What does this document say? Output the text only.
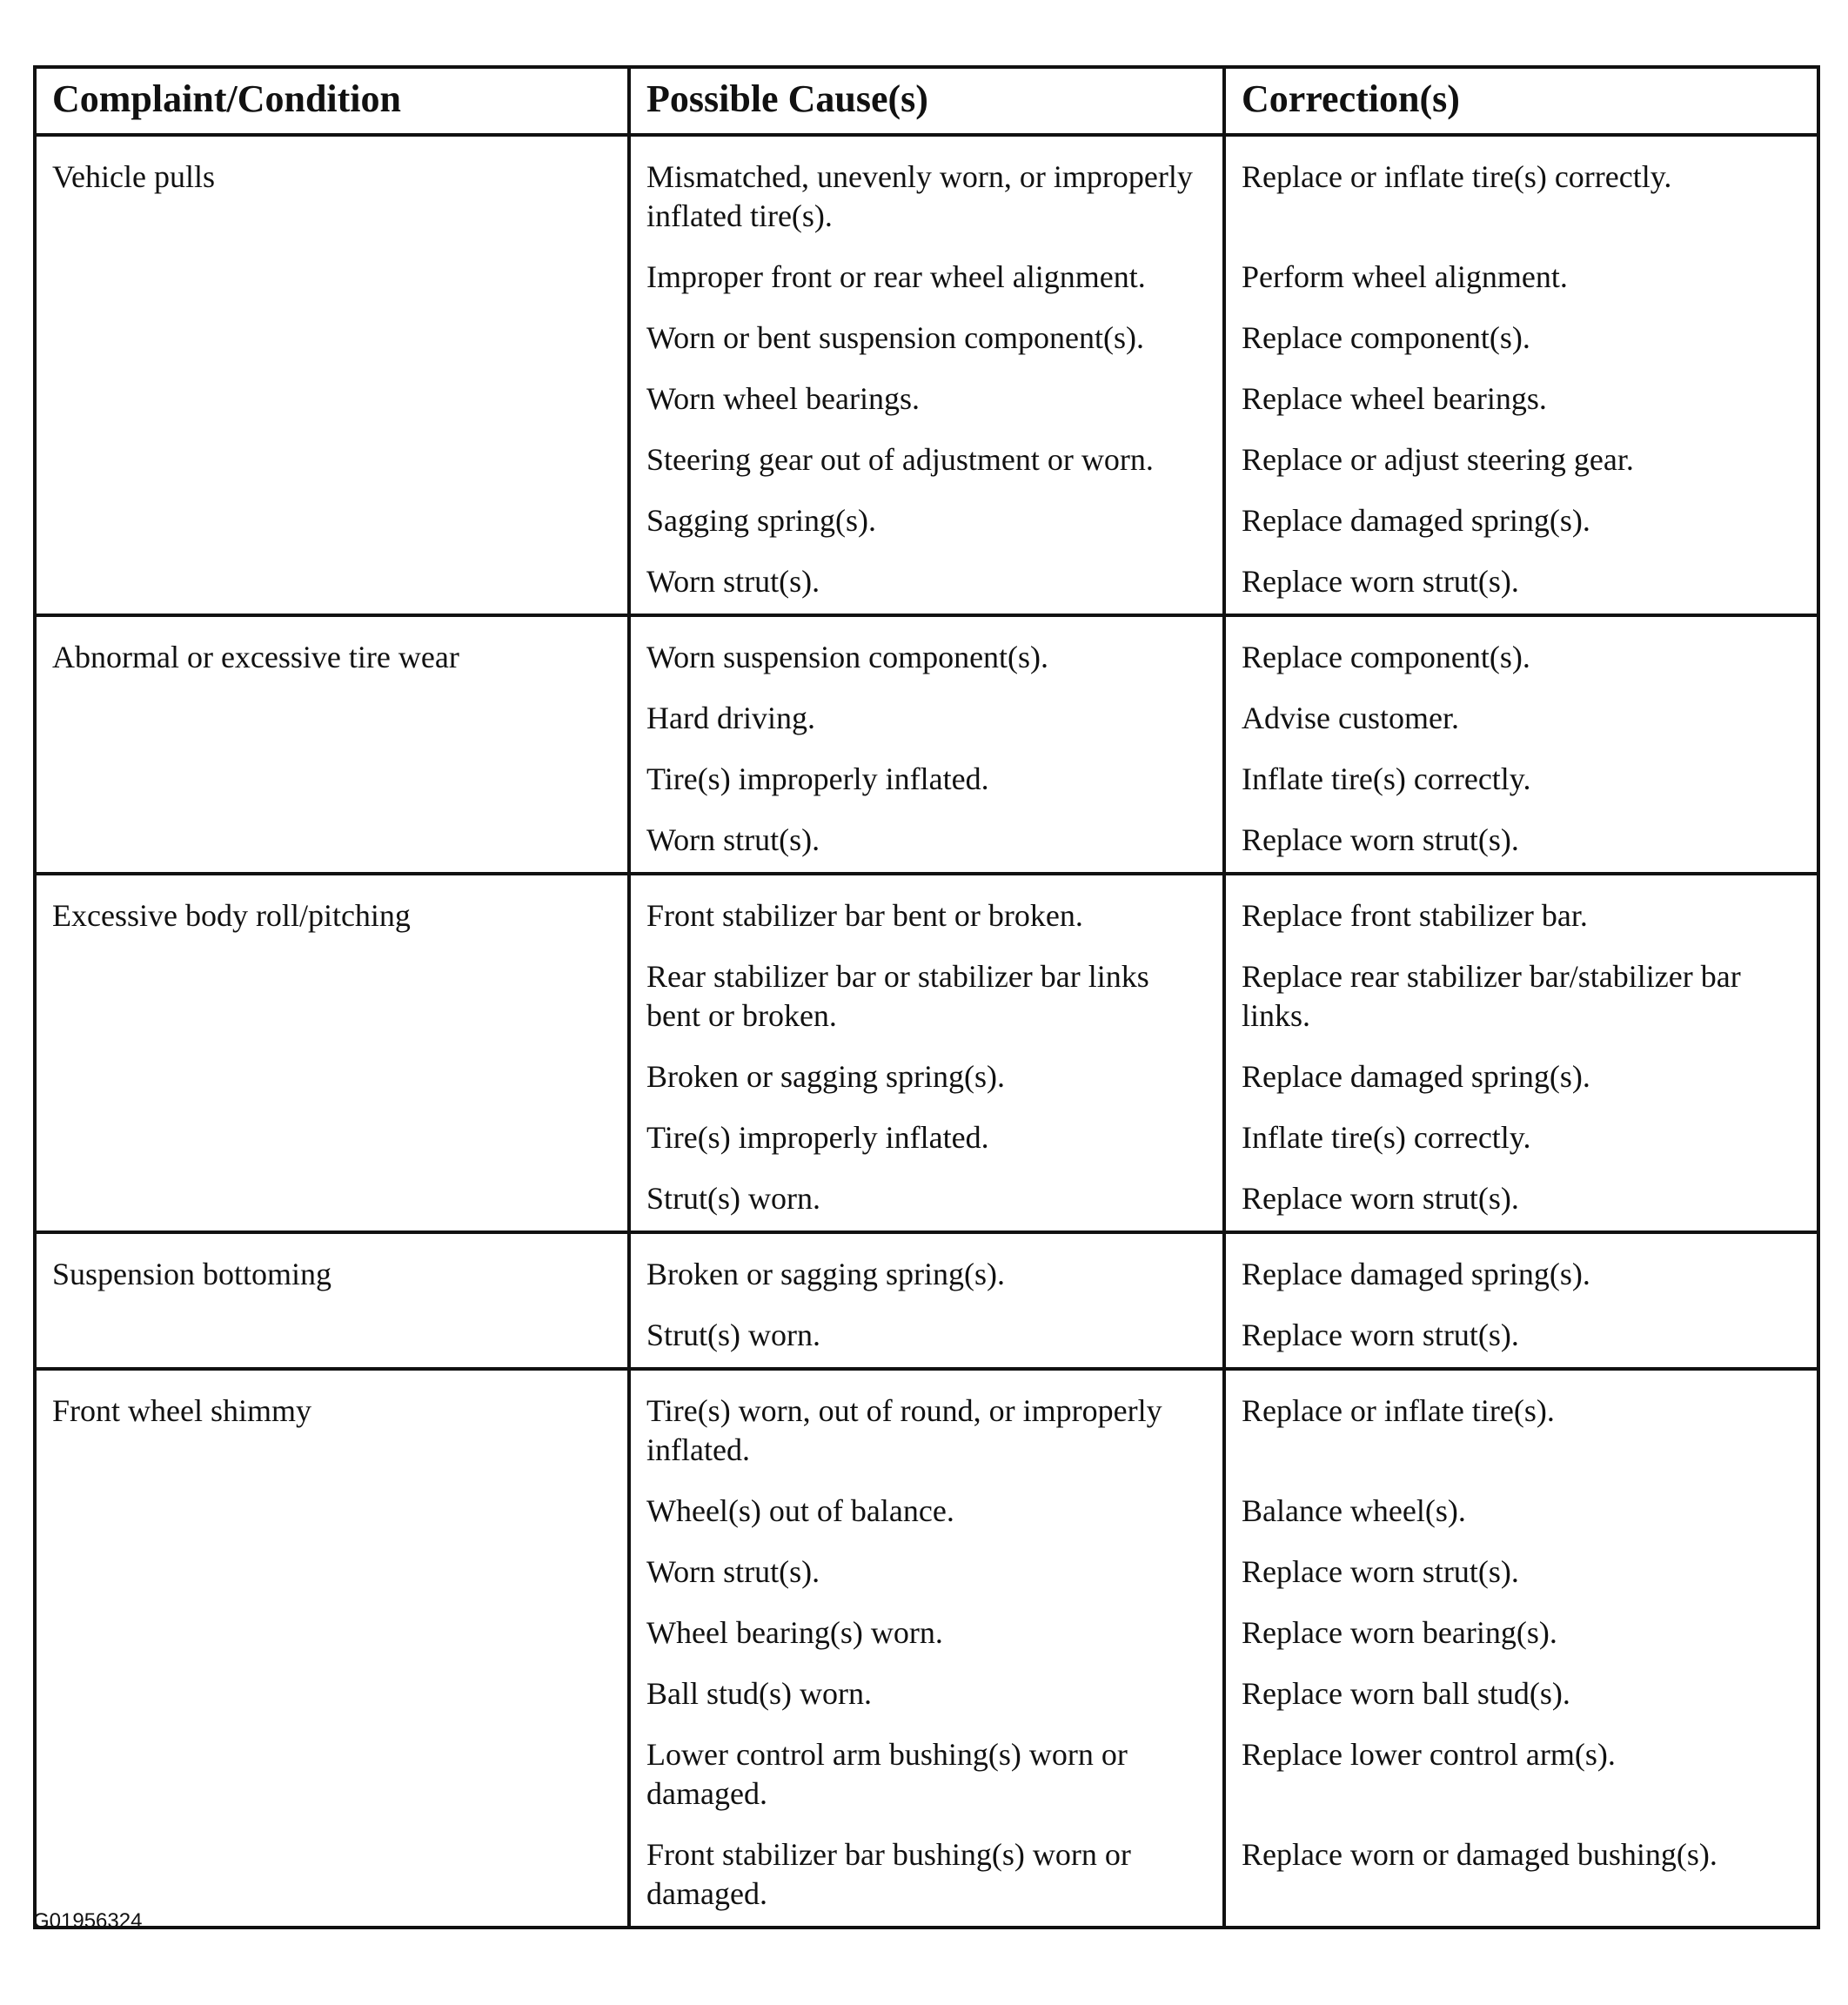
Complaint/Condition	Possible Cause(s)	Correction(s)
Vehicle pulls	Mismatched, unevenly worn, or improperly inflated tire(s).	Replace or inflate tire(s) correctly.
	Improper front or rear wheel alignment.	Perform wheel alignment.
	Worn or bent suspension component(s).	Replace component(s).
	Worn wheel bearings.	Replace wheel bearings.
	Steering gear out of adjustment or worn.	Replace or adjust steering gear.
	Sagging spring(s).	Replace damaged spring(s).
	Worn strut(s).	Replace worn strut(s).
Abnormal or excessive tire wear	Worn suspension component(s).	Replace component(s).
	Hard driving.	Advise customer.
	Tire(s) improperly inflated.	Inflate tire(s) correctly.
	Worn strut(s).	Replace worn strut(s).
Excessive body roll/pitching	Front stabilizer bar bent or broken.	Replace front stabilizer bar.
	Rear stabilizer bar or stabilizer bar links bent or broken.	Replace rear stabilizer bar/stabilizer bar links.
	Broken or sagging spring(s).	Replace damaged spring(s).
	Tire(s) improperly inflated.	Inflate tire(s) correctly.
	Strut(s) worn.	Replace worn strut(s).
Suspension bottoming	Broken or sagging spring(s).	Replace damaged spring(s).
	Strut(s) worn.	Replace worn strut(s).
Front wheel shimmy	Tire(s) worn, out of round, or improperly inflated.	Replace or inflate tire(s).
	Wheel(s) out of balance.	Balance wheel(s).
	Worn strut(s).	Replace worn strut(s).
	Wheel bearing(s) worn.	Replace worn bearing(s).
	Ball stud(s) worn.	Replace worn ball stud(s).
	Lower control arm bushing(s) worn or damaged.	Replace lower control arm(s).
	Front stabilizer bar bushing(s) worn or damaged.	Replace worn or damaged bushing(s).
G01956324
